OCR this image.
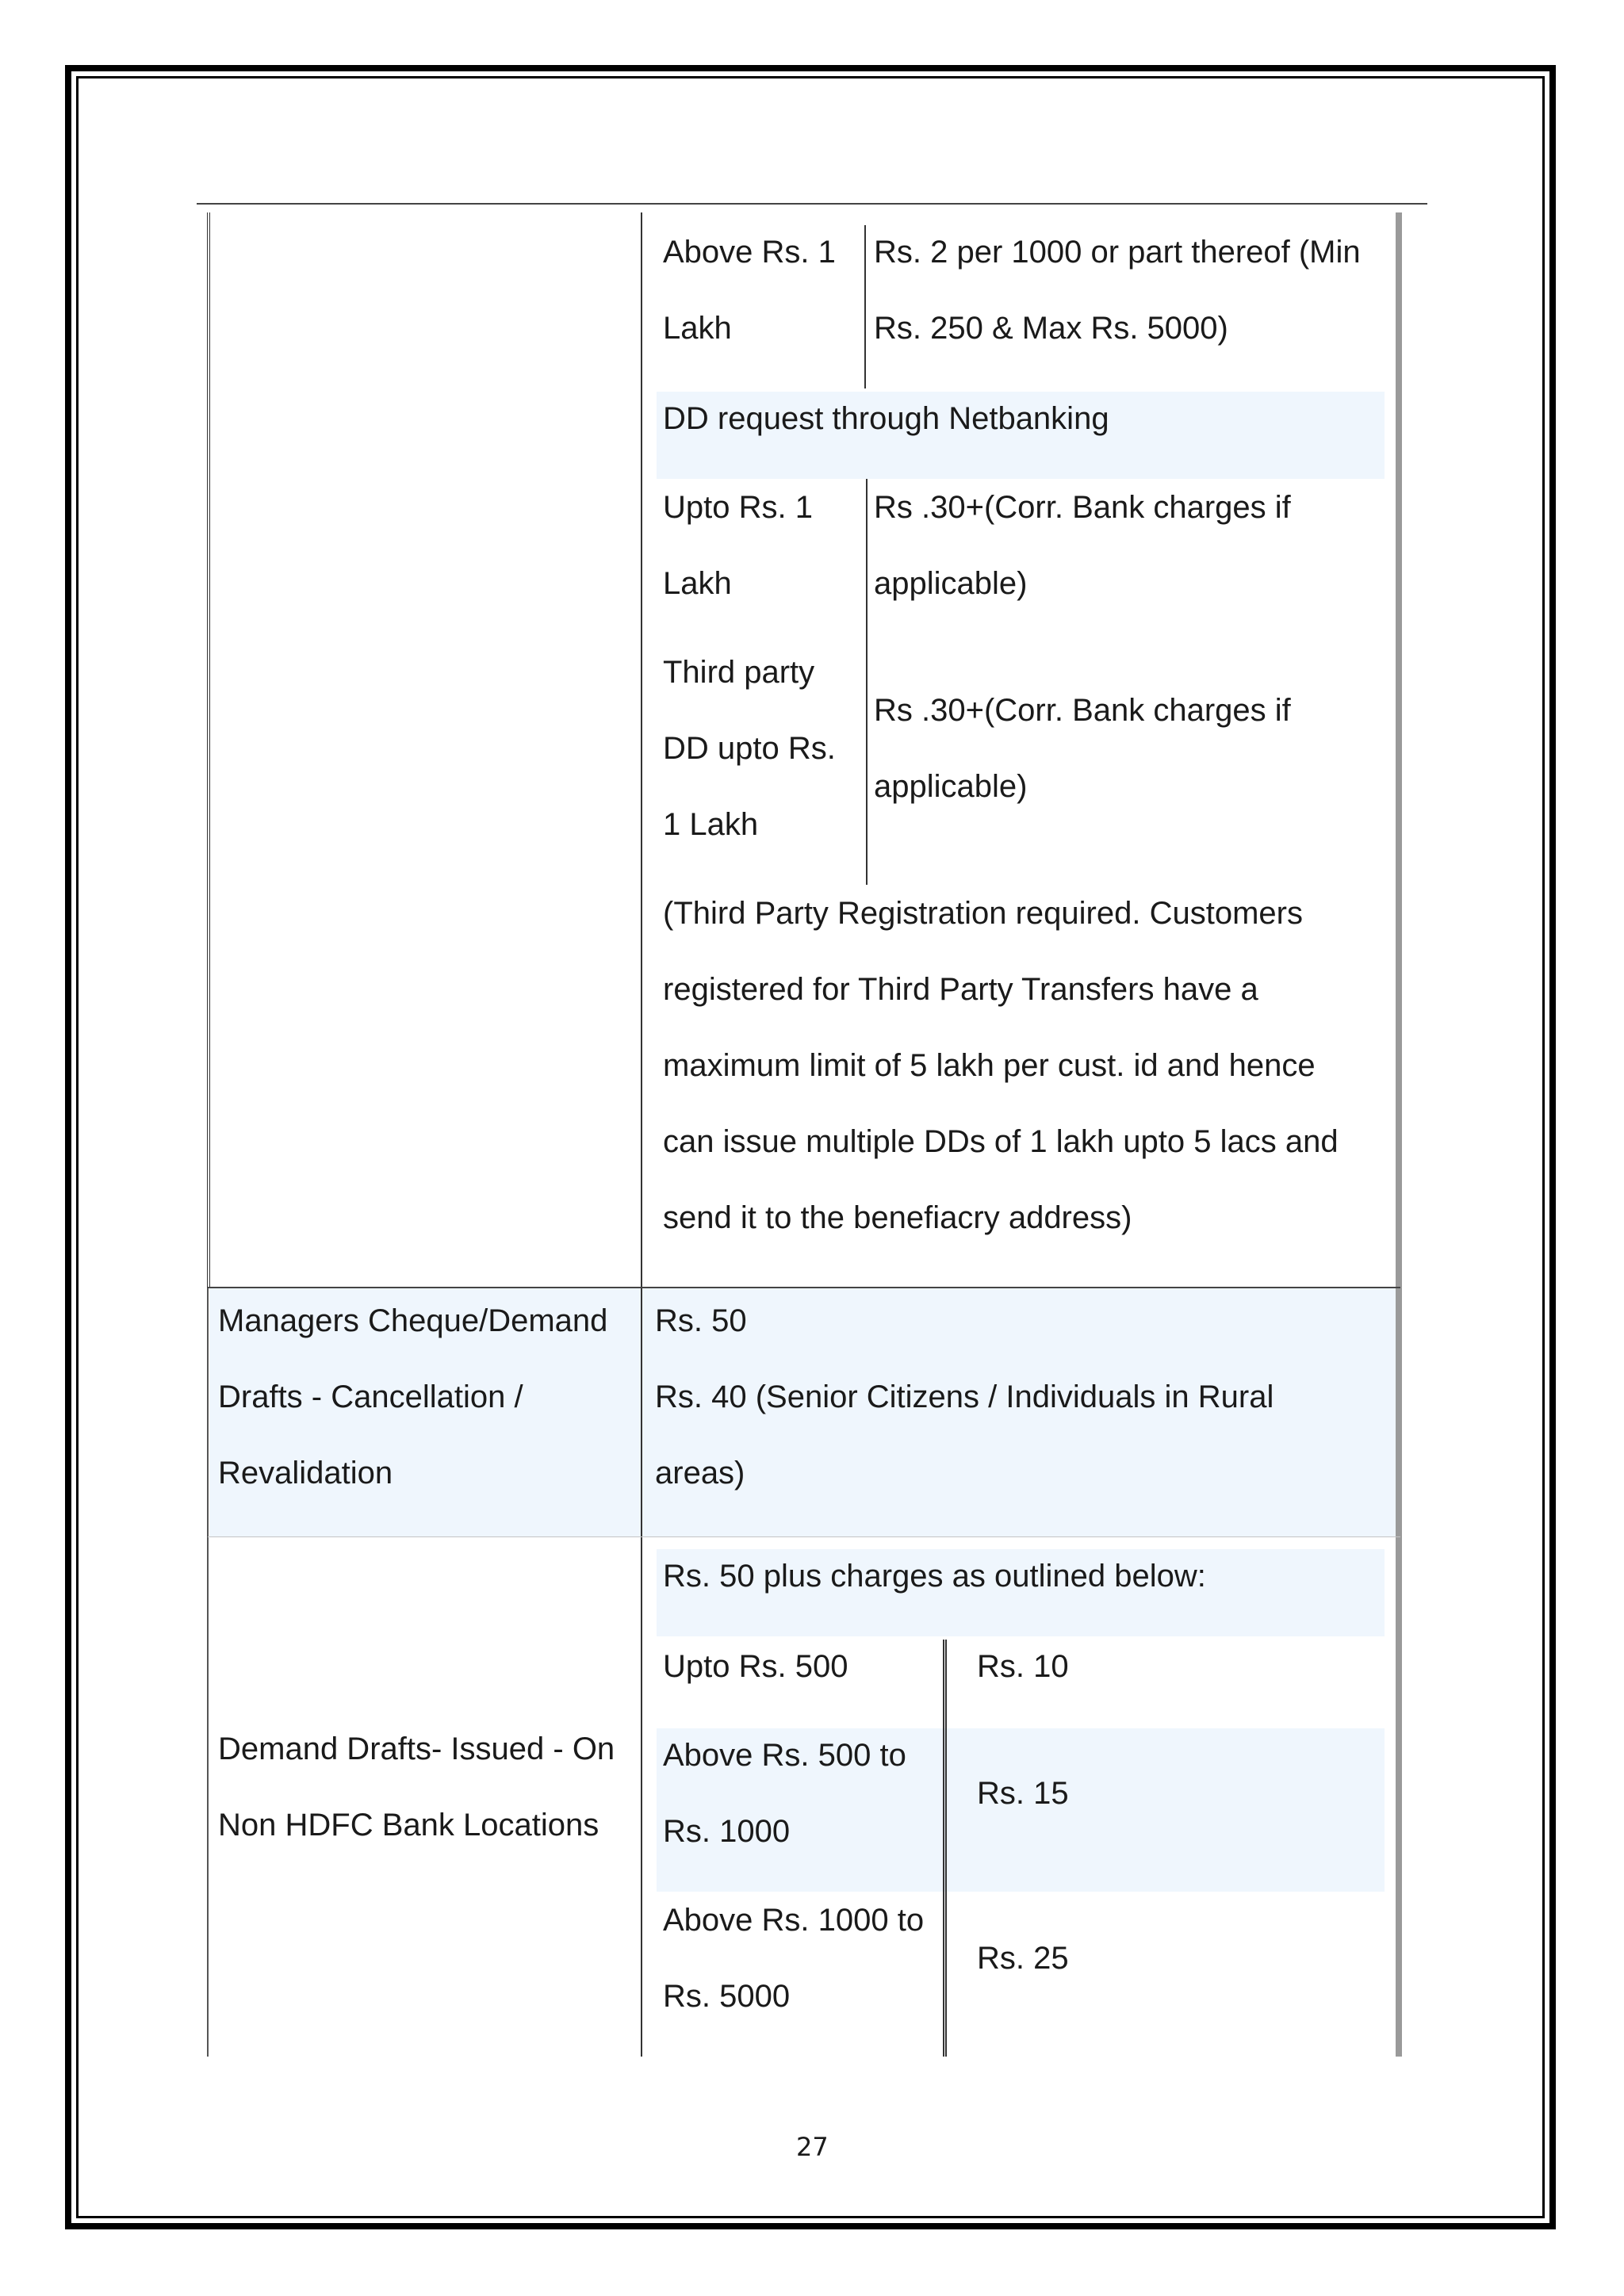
Above Rs. 1
Lakh
Rs. 2 per 1000 or part thereof (Min
Rs. 250 & Max Rs. 5000)
DD request through Netbanking
Upto Rs. 1
Lakh
Rs .30+(Corr. Bank charges if
applicable)
Third party
DD upto Rs.
1 Lakh
Rs .30+(Corr. Bank charges if
applicable)
(Third Party Registration required. Customers
registered for Third Party Transfers have a
maximum limit of 5 lakh per cust. id and hence
can issue multiple DDs of 1 lakh upto 5 lacs and
send it to the benefiacry address)
Managers Cheque/Demand
Drafts - Cancellation /
Revalidation
Rs. 50
Rs. 40 (Senior Citizens / Individuals in Rural
areas)
Demand Drafts- Issued - On
Non HDFC Bank Locations
Rs. 50 plus charges as outlined below:
Upto Rs. 500	Rs. 10
Above Rs. 500 to
Rs. 1000
Rs. 15
Above Rs. 1000 to
Rs. 5000
Rs. 25
27
